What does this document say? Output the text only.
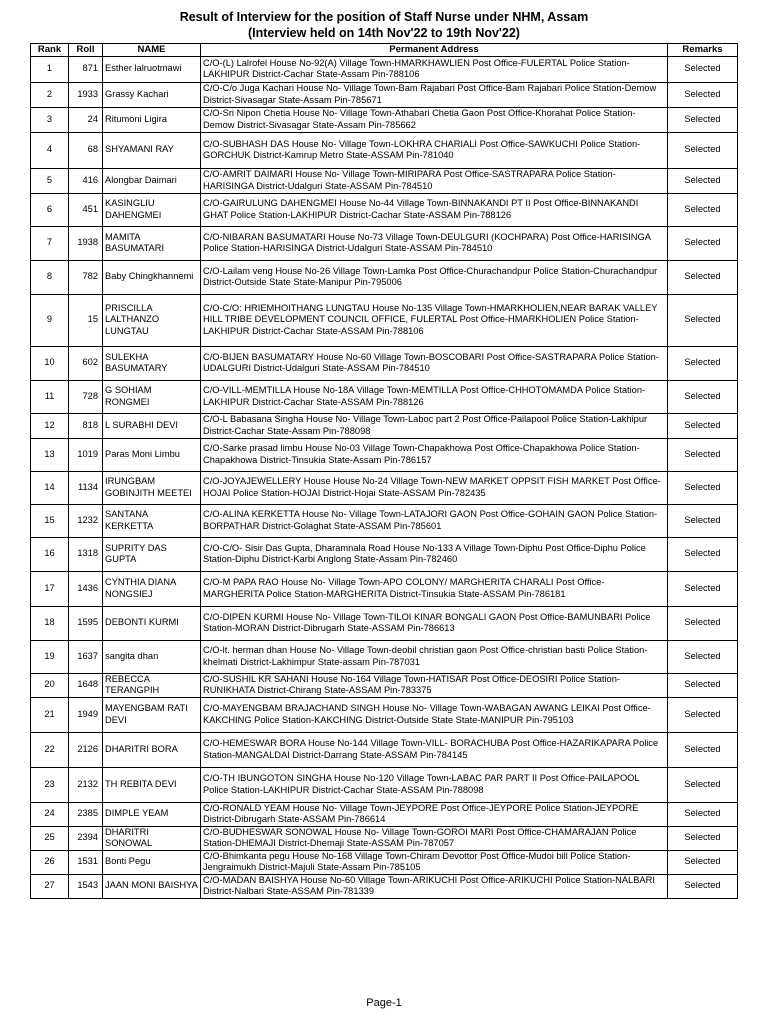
Result of Interview for the position of Staff Nurse under NHM, Assam
(Interview held on 14th Nov'22 to 19th Nov'22)
Rank	Roll	NAME	Permanent Address	Remarks
1	871	Esther lalruotmawi	C/O-(L) Lalrofel House No-92(A) Village Town-HMARKHAWLIEN Post Office-FULERTAL Police Station-LAKHIPUR District-Cachar State-Assam Pin-788106	Selected
2	1933	Grassy Kachari	C/O-C/o Juga Kachari House No- Village Town-Bam Rajabari Post Office-Bam Rajabari Police Station-Demow District-Sivasagar State-Assam Pin-785671	Selected
3	24	Ritumoni Ligira	C/O-Sri Nipon Chetia House No- Village Town-Athabari Chetia Gaon Post Office-Khorahat Police Station-Demow District-Sivasagar State-Assam Pin-785662	Selected
4	68	SHYAMANI RAY	C/O-SUBHASH DAS House No- Village Town-LOKHRA CHARIALI Post Office-SAWKUCHI Police Station-GORCHUK District-Kamrup Metro State-ASSAM Pin-781040	Selected
5	416	Alongbar Daimari	C/O-AMRIT DAIMARI House No- Village Town-MIRIPARA Post Office-SASTRAPARA Police Station-HARISINGA District-Udalguri State-ASSAM Pin-784510	Selected
6	451	KASINGLIU DAHENGMEI	C/O-GAIRULUNG DAHENGMEI House No-44 Village Town-BINNAKANDI PT II Post Office-BINNAKANDI GHAT Police Station-LAKHIPUR District-Cachar State-ASSAM Pin-788126	Selected
7	1938	MAMITA BASUMATARI	C/O-NIBARAN BASUMATARI House No-73 Village Town-DEULGURI (KOCHPARA) Post Office-HARISINGA Police Station-HARISINGA District-Udalguri State-ASSAM Pin-784510	Selected
8	782	Baby Chingkhannemi	C/O-Lailam veng House No-26 Village Town-Lamka Post Office-Churachandpur Police Station-Churachandpur District-Outside State State-Manipur Pin-795006	Selected
9	15	PRISCILLA LALTHANZO LUNGTAU	C/O-C/O: HRIEMHOITHANG LUNGTAU House No-135 Village Town-HMARKHOLIEN,NEAR BARAK VALLEY HILL TRIBE DEVELOPMENT COUNCIL OFFICE, FULERTAL Post Office-HMARKHOLIEN Police Station-LAKHIPUR District-Cachar State-ASSAM Pin-788106	Selected
10	602	SULEKHA BASUMATARY	C/O-BIJEN BASUMATARY House No-60 Village Town-BOSCOBARI Post Office-SASTRAPARA Police Station-UDALGURI District-Udalguri State-ASSAM Pin-784510	Selected
11	728	G SOHIAM RONGMEI	C/O-VILL-MEMTILLA House No-18A Village Town-MEMTILLA Post Office-CHHOTOMAMDA Police Station-LAKHIPUR District-Cachar State-ASSAM Pin-788126	Selected
12	818	L SURABHI DEVI	C/O-L Babasana Singha House No- Village Town-Laboc part 2 Post Office-Pailapool Police Station-Lakhipur District-Cachar State-Assam Pin-788098	Selected
13	1019	Paras Moni Limbu	C/O-Sarke prasad limbu House No-03 Village Town-Chapakhowa Post Office-Chapakhowa Police Station-Chapakhowa District-Tinsukia State-Assam Pin-786157	Selected
14	1134	IRUNGBAM GOBINJITH MEETEI	C/O-JOYAJEWELLERY House House No-24 Village Town-NEW MARKET OPPSIT FISH MARKET Post Office-HOJAI Police Station-HOJAI District-Hojai State-ASSAM Pin-782435	Selected
15	1232	SANTANA KERKETTA	C/O-ALINA KERKETTA House No- Village Town-LATAJORI GAON Post Office-GOHAIN GAON Police Station-BORPATHAR District-Golaghat State-ASSAM Pin-785601	Selected
16	1318	SUPRITY DAS GUPTA	C/O-C/O- Sisir Das Gupta, Dharamnala Road House No-133 A Village Town-Diphu Post Office-Diphu Police Station-Diphu District-Karbi Anglong State-Assam Pin-782460	Selected
17	1436	CYNTHIA DIANA NONGSIEJ	C/O-M PAPA RAO House No- Village Town-APO COLONY/ MARGHERITA CHARALI Post Office-MARGHERITA Police Station-MARGHERITA District-Tinsukia State-ASSAM Pin-786181	Selected
18	1595	DEBONTI KURMI	C/O-DIPEN KURMI House No- Village Town-TILOI KINAR BONGALI GAON Post Office-BAMUNBARI Police Station-MORAN District-Dibrugarh State-ASSAM Pin-786613	Selected
19	1637	sangita dhan	C/O-lt. herman dhan House No- Village Town-deobil christian gaon Post Office-christian basti Police Station-khelmati District-Lakhimpur State-assam Pin-787031	Selected
20	1648	REBECCA TERANGPIH	C/O-SUSHIL KR SAHANI House No-164 Village Town-HATISAR Post Office-DEOSIRI Police Station-RUNIKHATA District-Chirang State-ASSAM Pin-783375	Selected
21	1949	MAYENGBAM RATI DEVI	C/O-MAYENGBAM BRAJACHAND SINGH House No- Village Town-WABAGAN AWANG LEIKAI Post Office-KAKCHING Police Station-KAKCHING District-Outside State State-MANIPUR Pin-795103	Selected
22	2126	DHARITRI BORA	C/O-HEMESWAR BORA House No-144 Village Town-VILL- BORACHUBA Post Office-HAZARIKAPARA Police Station-MANGALDAI District-Darrang State-ASSAM Pin-784145	Selected
23	2132	TH REBITA DEVI	C/O-TH IBUNGOTON SINGHA House No-120 Village Town-LABAC PAR PART II Post Office-PAILAPOOL Police Station-LAKHIPUR District-Cachar State-ASSAM Pin-788098	Selected
24	2385	DIMPLE YEAM	C/O-RONALD YEAM House No- Village Town-JEYPORE Post Office-JEYPORE Police Station-JEYPORE District-Dibrugarh State-ASSAM Pin-786614	Selected
25	2394	DHARITRI SONOWAL	C/O-BUDHESWAR SONOWAL House No- Village Town-GOROI MARI Post Office-CHAMARAJAN Police Station-DHEMAJI District-Dhemaji State-ASSAM Pin-787057	Selected
26	1531	Bonti Pegu	C/O-Bhimkanta pegu House No-168 Village Town-Chiram Devottor Post Office-Mudoi bill Police Station-Jengraimukh District-Majuli State-Assam Pin-785105	Selected
27	1543	JAAN MONI BAISHYA	C/O-MADAN BAISHYA House No-60 Village Town-ARIKUCHI Post Office-ARIKUCHI Police Station-NALBARI District-Nalbari State-ASSAM Pin-781339	Selected
Page-1
